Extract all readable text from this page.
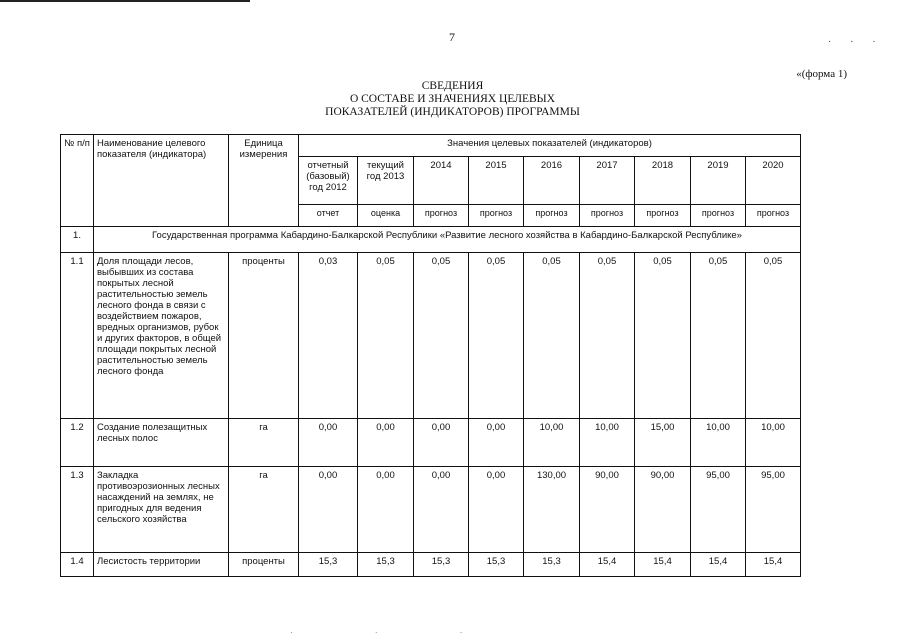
7	· · ·
«(форма 1)
СВЕДЕНИЯ
О СОСТАВЕ И ЗНАЧЕНИЯХ ЦЕЛЕВЫХ
ПОКАЗАТЕЛЕЙ (ИНДИКАТОРОВ) ПРОГРАММЫ
№ п/п	Наименование целевого показателя (индикатора)	Единица измерения	Значения целевых показателей (индикаторов)								
			отчетный (базовый) год 2012	текущий год 2013	2014	2015	2016	2017	2018	2019	2020
			отчет	оценка	прогноз	прогноз	прогноз	прогноз	прогноз	прогноз	прогноз
1.	Государственная программа Кабардино-Балкарской Республики «Развитие лесного хозяйства в Кабардино-Балкарской Республике»										
1.1	Доля площади лесов, выбывших из состава покрытых лесной растительностью земель лесного фонда в связи с воздействием пожаров, вредных организмов, рубок и других факторов, в общей площади покрытых лесной растительностью земель лесного фонда	проценты	0,03	0,05	0,05	0,05	0,05	0,05	0,05	0,05	0,05
1.2	Создание полезащитных лесных полос	га	0,00	0,00	0,00	0,00	10,00	10,00	15,00	10,00	10,00
1.3	Закладка противоэрозионных лесных насаждений на землях, не пригодных для ведения сельского хозяйства	га	0,00	0,00	0,00	0,00	130,00	90,00	90,00	95,00	95,00
1.4	Лесистость территории	проценты	15,3	15,3	15,3	15,3	15,3	15,4	15,4	15,4	15,4
· · ·
